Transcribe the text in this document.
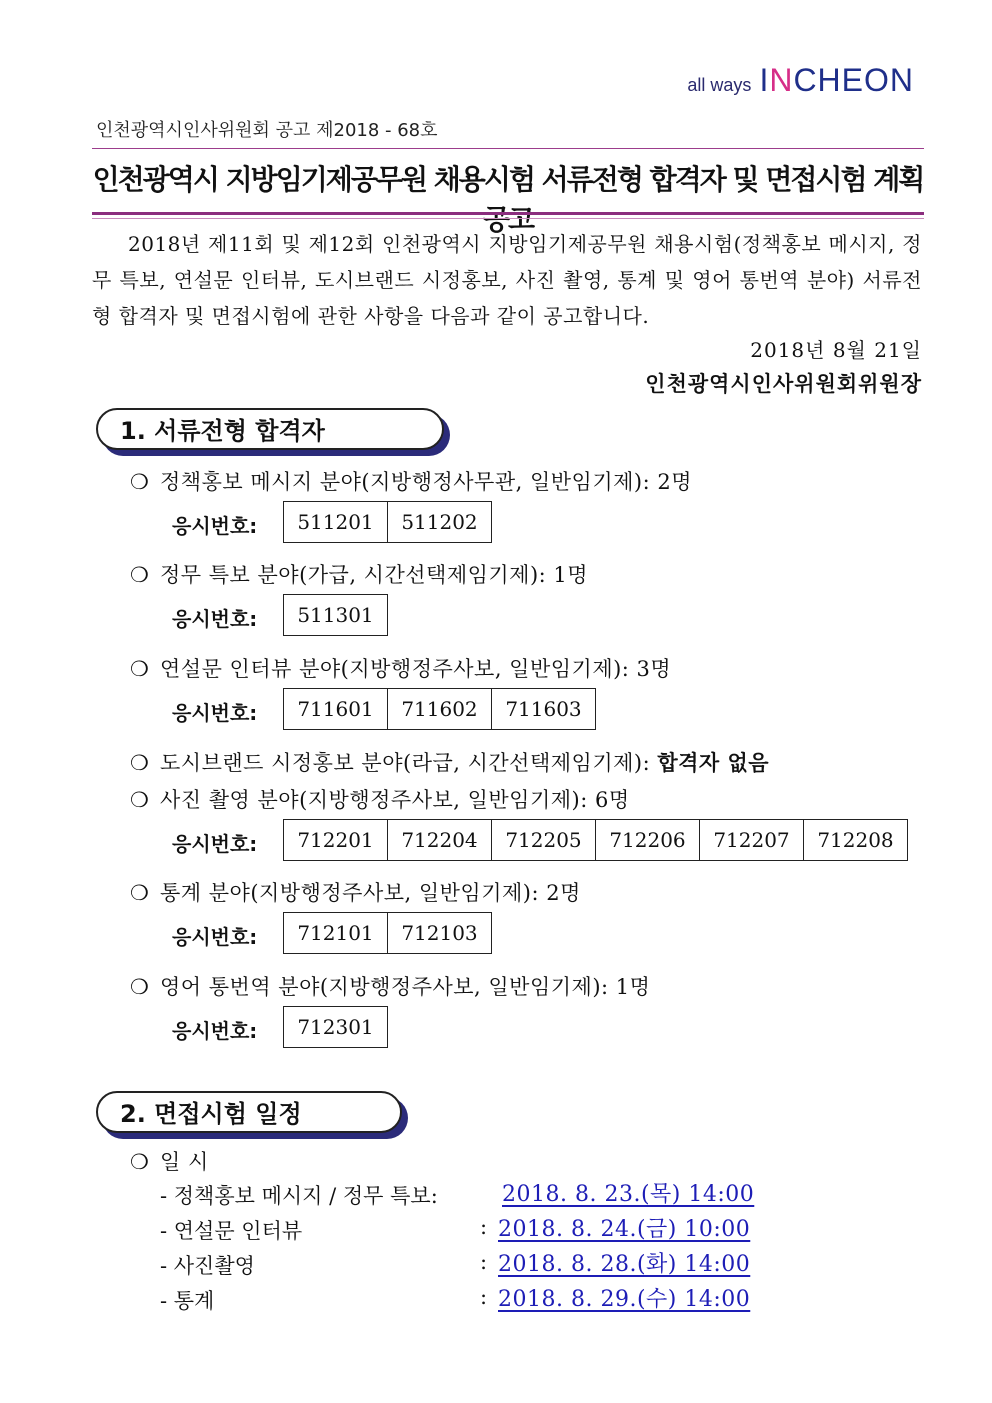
all ways INCHEON
인천광역시인사위원회 공고 제2018 - 68호
인천광역시 지방임기제공무원 채용시험 서류전형 합격자 및 면접시험 계획 공고
2018년 제11회 및 제12회 인천광역시 지방임기제공무원 채용시험(정책홍보 메시지, 정무 특보, 연설문 인터뷰, 도시브랜드 시정홍보, 사진 촬영, 통계 및 영어 통번역 분야) 서류전형 합격자 및 면접시험에 관한 사항을 다음과 같이 공고합니다.
2018년 8월 21일
인천광역시인사위원회위원장
1. 서류전형 합격자
❍ 정책홍보 메시지 분야(지방행정사무관, 일반임기제): 2명
응시번호:	511201	511202
❍ 정무 특보 분야(가급, 시간선택제임기제): 1명
응시번호:	511301
❍ 연설문 인터뷰 분야(지방행정주사보, 일반임기제): 3명
응시번호:	711601	711602	711603
❍ 도시브랜드 시정홍보 분야(라급, 시간선택제임기제): 합격자 없음
❍ 사진 촬영 분야(지방행정주사보, 일반임기제): 6명
응시번호:	712201	712204	712205	712206	712207	712208
❍ 통계 분야(지방행정주사보, 일반임기제): 2명
응시번호:	712101	712103
❍ 영어 통번역 분야(지방행정주사보, 일반임기제): 1명
응시번호:	712301
2. 면접시험 일정
❍ 일 시
- 정책홍보 메시지 / 정무 특보:	2018. 8. 23.(목) 14:00
- 연설문 인터뷰	: 2018. 8. 24.(금) 10:00
- 사진촬영	: 2018. 8. 28.(화) 14:00
- 통계	: 2018. 8. 29.(수) 14:00
